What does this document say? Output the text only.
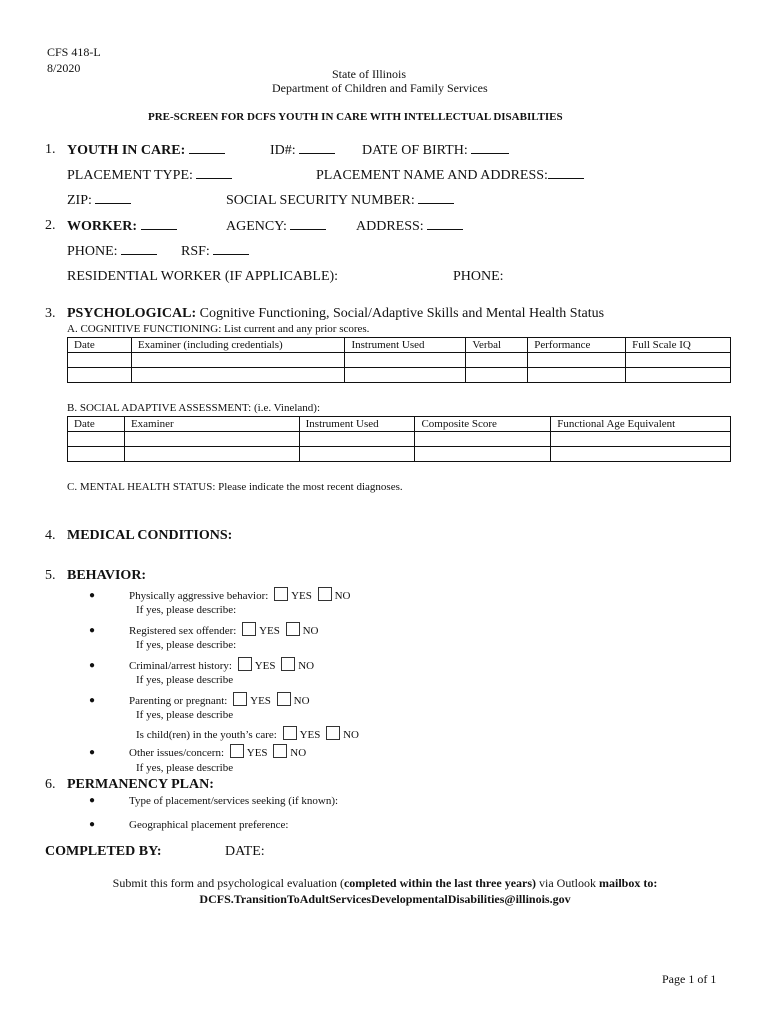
CFS 418-L
8/2020	State of Illinois
Department of Children and Family Services
PRE-SCREEN FOR DCFS YOUTH IN CARE WITH INTELLECTUAL DISABILTIES
1. YOUTH IN CARE:	ID#:	DATE OF BIRTH:
PLACEMENT TYPE:	PLACEMENT NAME AND ADDRESS:
ZIP:	SOCIAL SECURITY NUMBER:
2. WORKER:	AGENCY:	ADDRESS:
PHONE:	RSF:
RESIDENTIAL WORKER (IF APPLICABLE):	PHONE:
3. PSYCHOLOGICAL: Cognitive Functioning, Social/Adaptive Skills and Mental Health Status
A. COGNITIVE FUNCTIONING: List current and any prior scores.
Date	Examiner (including credentials)	Instrument Used	Verbal	Performance	Full Scale IQ

B. SOCIAL ADAPTIVE ASSESSMENT: (i.e. Vineland):
Date	Examiner	Instrument Used	Composite Score	Functional Age Equivalent

C. MENTAL HEALTH STATUS: Please indicate the most recent diagnoses.
4. MEDICAL CONDITIONS:
5. BEHAVIOR:
●	Physically aggressive behavior: YES NO
If yes, please describe:
●	Registered sex offender: YES NO
If yes, please describe:
●	Criminal/arrest history: YES NO
If yes, please describe
●	Parenting or pregnant: YES NO
If yes, please describe
Is child(ren) in the youth’s care: YES NO
●	Other issues/concern: YES NO
If yes, please describe
6. PERMANENCY PLAN:
●	Type of placement/services seeking (if known):
●	Geographical placement preference:
COMPLETED BY:	DATE:
Submit this form and psychological evaluation (completed within the last three years) via Outlook mailbox to:
DCFS.TransitionToAdultServicesDevelopmentalDisabilities@illinois.gov
Page 1 of 1
